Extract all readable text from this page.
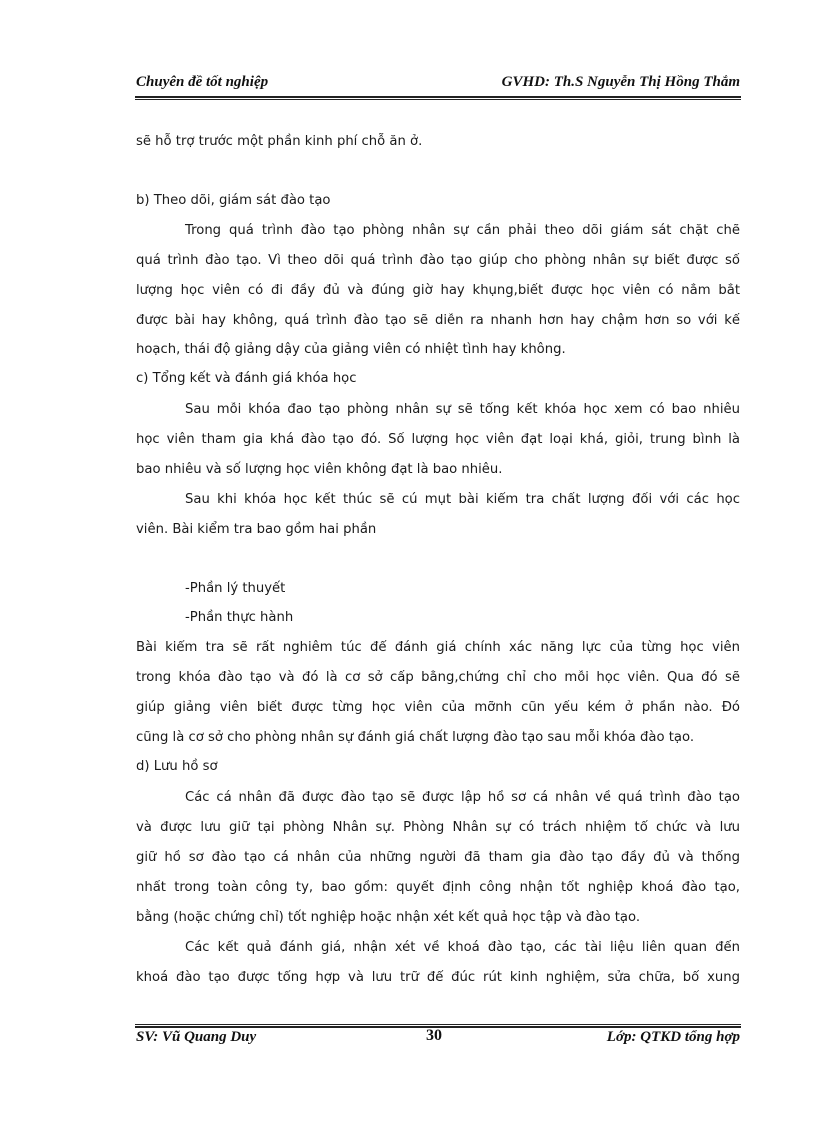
Chuyên đề tốt nghiệp	GVHD: Th.S Nguyễn Thị Hồng Thắm
sẽ hỗ trợ trước một phần kinh phí chỗ ăn ở.
b) Theo dõi, giám sát đào tạo
Trong quá trình đào tạo phòng nhân sự cần phải theo dõi giám sát chặt chẽ
quá trình đào tạo. Vì theo dõi quá trình đào tạo giúp cho phòng nhân sự biết được số
lượng học viên có đi đầy đủ và đúng giờ hay khụng,biết được học viên có nắm bắt
được bài hay không, quá trình đào tạo sẽ diễn ra nhanh hơn hay chậm hơn so với kế
hoạch, thái độ giảng dậy của giảng viên có nhiệt tình hay không.
c) Tổng kết và đánh giá khóa học
Sau mỗi khóa đao tạo phòng nhân sự sẽ tổng kết khóa học xem có bao nhiêu
học viên tham gia khá đào tạo đó. Số lượng học viên đạt loại khá, giỏi, trung bình là
bao nhiêu và số lượng học viên không đạt là bao nhiêu.
Sau khi khóa học kết thúc sẽ cú mụt bài kiểm tra chất lượng đối với các học
viên. Bài kiểm tra bao gồm hai phần
-Phần lý thuyết
-Phần thực hành
Bài kiểm tra sẽ rất nghiêm túc để đánh giá chính xác năng lực của từng học viên
trong khóa đào tạo và đó là cơ sở cấp bằng,chứng chỉ cho mỗi học viên. Qua đó sẽ
giúp giảng viên biết được từng học viên của mỡnh cũn yếu kém ở phần nào. Đó
cũng là cơ sở cho phòng nhân sự đánh giá chất lượng đào tạo sau mỗi khóa đào tạo.
d) Lưu hồ sơ
Các cá nhân đã được đào tạo sẽ được lập hồ sơ cá nhân về quá trình đào tạo
và được lưu giữ tại phòng Nhân sự. Phòng Nhân sự có trách nhiệm tổ chức và lưu
giữ hồ sơ đào tạo cá nhân của những người đã tham gia đào tạo đầy đủ và thống
nhất trong toàn công ty, bao gồm: quyết định công nhận tốt nghiệp khoá đào tạo,
bằng (hoặc chứng chỉ) tốt nghiệp hoặc nhận xét kết quả học tập và đào tạo.
Các kết quả đánh giá, nhận xét về khoá đào tạo, các tài liệu liên quan đến
khoá đào tạo được tổng hợp và lưu trữ để đúc rút kinh nghiệm, sửa chữa, bổ xung
SV: Vũ Quang Duy	30	Lớp: QTKD tổng hợp
